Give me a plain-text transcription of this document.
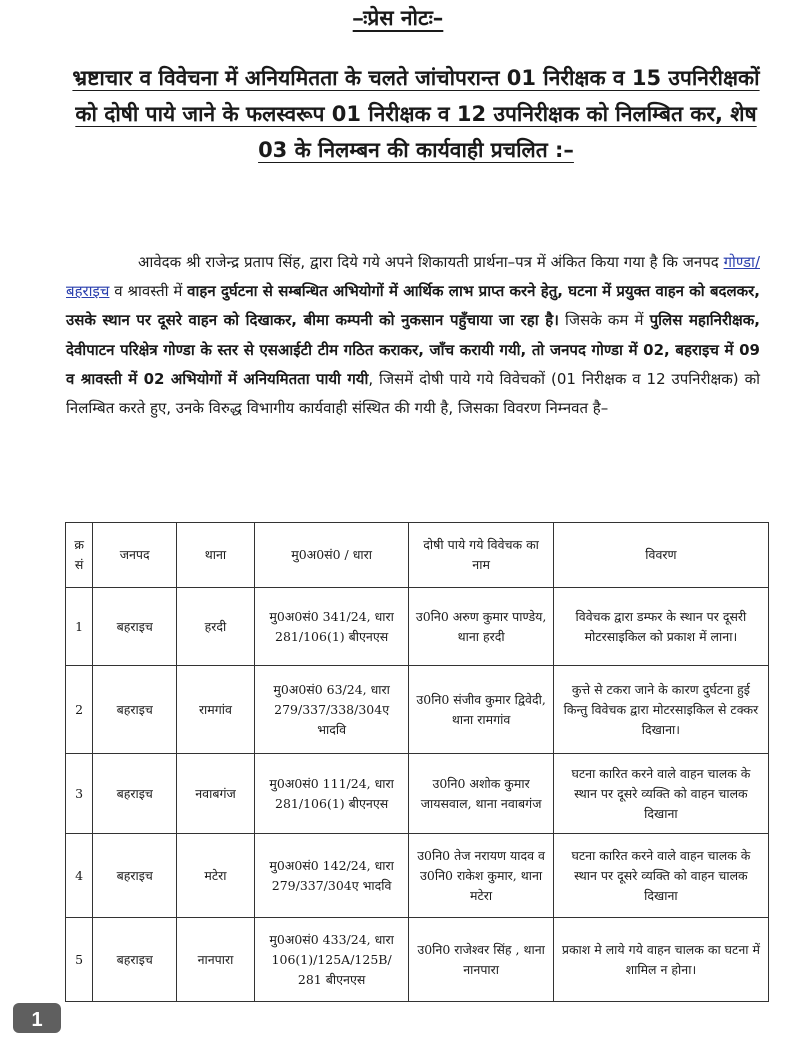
–ःप्रेस नोटः–
भ्रष्टाचार व विवेचना में अनियमितता के चलते जांचोपरान्त 01 निरीक्षक व 15 उपनिरीक्षकों को दोषी पाये जाने के फलस्वरूप 01 निरीक्षक व 12 उपनिरीक्षक को निलम्बित कर, शेष 03 के निलम्बन की कार्यवाही प्रचलित :–
आवेदक श्री राजेन्द्र प्रताप सिंह, द्वारा दिये गये अपने शिकायती प्रार्थना–पत्र में अंकित किया गया है कि जनपद गोण्डा/बहराइच व श्रावस्ती में वाहन दुर्घटना से सम्बन्धित अभियोगों में आर्थिक लाभ प्राप्त करने हेतु, घटना में प्रयुक्त वाहन को बदलकर, उसके स्थान पर दूसरे वाहन को दिखाकर, बीमा कम्पनी को नुकसान पहुँचाया जा रहा है। जिसके कम में पुलिस महानिरीक्षक, देवीपाटन परिक्षेत्र गोण्डा के स्तर से एसआईटी टीम गठित कराकर, जाँच करायी गयी, तो जनपद गोण्डा में 02, बहराइच में 09 व श्रावस्ती में 02 अभियोगों में अनियमितता पायी गयी, जिसमें दोषी पाये गये विवेचकों (01 निरीक्षक व 12 उपनिरीक्षक) को निलम्बित करते हुए, उनके विरुद्ध विभागीय कार्यवाही संस्थित की गयी है, जिसका विवरण निम्नवत है–
क्र सं	जनपद	थाना	मु0अ0सं0 / धारा	दोषी पाये गये विवेचक का नाम	विवरण
1	बहराइच	हरदी	मु0अ0सं0 341/24, धारा 281/106(1) बीएनएस	उ0नि0 अरुण कुमार पाण्डेय, थाना हरदी	विवेचक द्वारा डम्फर के स्थान पर दूसरी मोटरसाइकिल को प्रकाश में लाना।
2	बहराइच	रामगांव	मु0अ0सं0 63/24, धारा 279/337/338/304ए भादवि	उ0नि0 संजीव कुमार द्विवेदी, थाना रामगांव	कुत्ते से टकरा जाने के कारण दुर्घटना हुई किन्तु विवेचक द्वारा मोटरसाइकिल से टक्कर दिखाना।
3	बहराइच	नवाबगंज	मु0अ0सं0 111/24, धारा 281/106(1) बीएनएस	उ0नि0 अशोक कुमार जायसवाल, थाना नवाबगंज	घटना कारित करने वाले वाहन चालक के स्थान पर दूसरे व्यक्ति को वाहन चालक दिखाना
4	बहराइच	मटेरा	मु0अ0सं0 142/24, धारा 279/337/304ए भादवि	उ0नि0 तेज नरायण यादव व उ0नि0 राकेश कुमार, थाना मटेरा	घटना कारित करने वाले वाहन चालक के स्थान पर दूसरे व्यक्ति को वाहन चालक दिखाना
5	बहराइच	नानपारा	मु0अ0सं0 433/24, धारा 106(1)/125A/125B/ 281 बीएनएस	उ0नि0 राजेश्वर सिंह , थाना नानपारा	प्रकाश मे लाये गये वाहन चालक का घटना में शामिल न होना।
1
